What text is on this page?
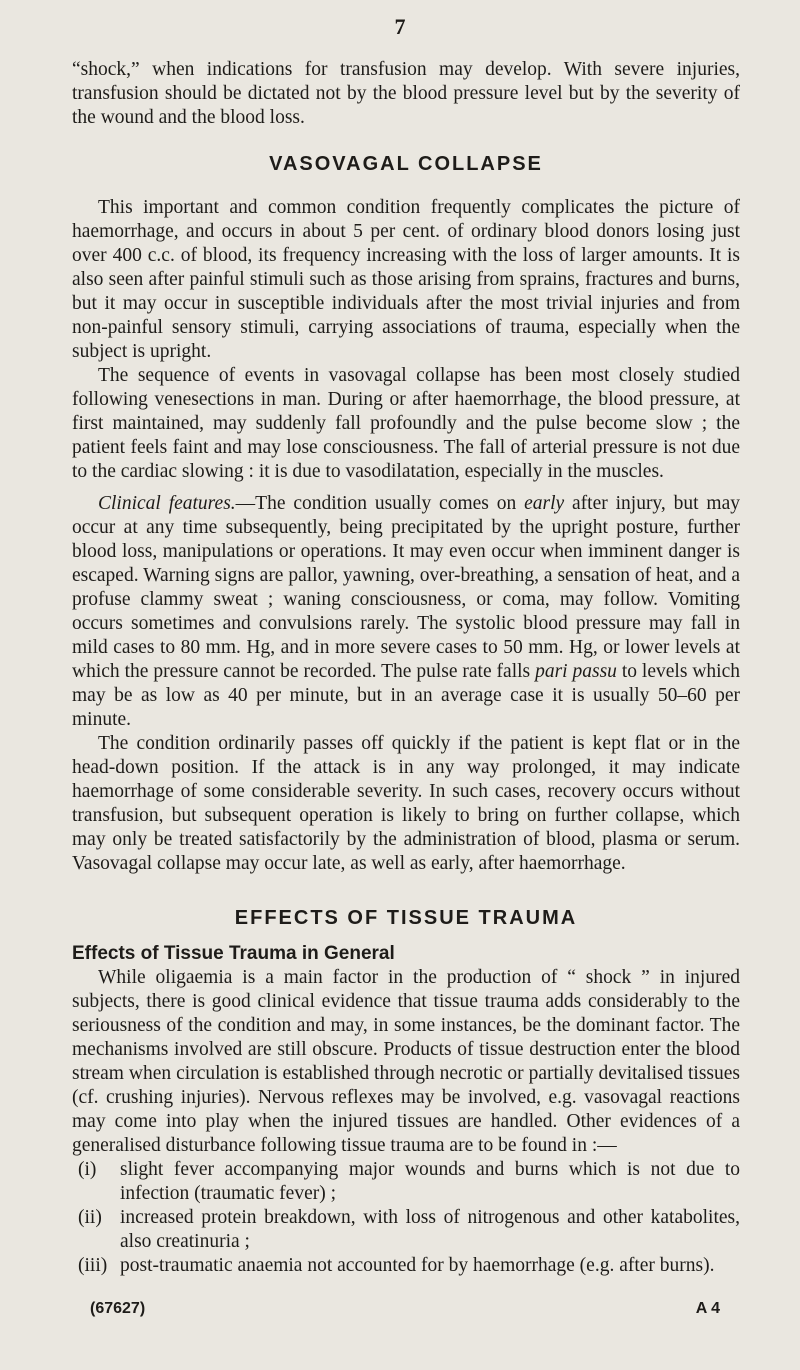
7

“shock,” when indications for transfusion may develop. With severe injuries, transfusion should be dictated not by the blood pressure level but by the severity of the wound and the blood loss.

VASOVAGAL COLLAPSE

This important and common condition frequently complicates the picture of haemorrhage, and occurs in about 5 per cent. of ordinary blood donors losing just over 400 c.c. of blood, its frequency increasing with the loss of larger amounts. It is also seen after painful stimuli such as those arising from sprains, fractures and burns, but it may occur in susceptible individuals after the most trivial injuries and from non-painful sensory stimuli, carrying associations of trauma, especially when the subject is upright.

The sequence of events in vasovagal collapse has been most closely studied following venesections in man. During or after haemorrhage, the blood pressure, at first maintained, may suddenly fall profoundly and the pulse become slow ; the patient feels faint and may lose consciousness. The fall of arterial pressure is not due to the cardiac slowing : it is due to vasodilatation, especially in the muscles.

Clinical features.—The condition usually comes on early after injury, but may occur at any time subsequently, being precipitated by the upright posture, further blood loss, manipulations or operations. It may even occur when imminent danger is escaped. Warning signs are pallor, yawning, over-breathing, a sensation of heat, and a profuse clammy sweat ; waning consciousness, or coma, may follow. Vomiting occurs sometimes and convulsions rarely. The systolic blood pressure may fall in mild cases to 80 mm. Hg, and in more severe cases to 50 mm. Hg, or lower levels at which the pressure cannot be recorded. The pulse rate falls pari passu to levels which may be as low as 40 per minute, but in an average case it is usually 50–60 per minute.

The condition ordinarily passes off quickly if the patient is kept flat or in the head-down position. If the attack is in any way prolonged, it may indicate haemorrhage of some considerable severity. In such cases, recovery occurs without transfusion, but subsequent operation is likely to bring on further collapse, which may only be treated satisfactorily by the administration of blood, plasma or serum. Vasovagal collapse may occur late, as well as early, after haemorrhage.

EFFECTS OF TISSUE TRAUMA
Effects of Tissue Trauma in General

While oligaemia is a main factor in the production of “ shock ” in injured subjects, there is good clinical evidence that tissue trauma adds considerably to the seriousness of the condition and may, in some instances, be the dominant factor. The mechanisms involved are still obscure. Products of tissue destruction enter the blood stream when circulation is established through necrotic or partially devitalised tissues (cf. crushing injuries). Nervous reflexes may be involved, e.g. vasovagal reactions may come into play when the injured tissues are handled. Other evidences of a generalised disturbance following tissue trauma are to be found in :—

(i)	slight fever accompanying major wounds and burns which is not due to infection (traumatic fever) ;
(ii) increased protein breakdown, with loss of nitrogenous and other katabolites, also creatinuria ;
(iii) post-traumatic anaemia not accounted for by haemorrhage (e.g. after burns).
(67627)	A 4
